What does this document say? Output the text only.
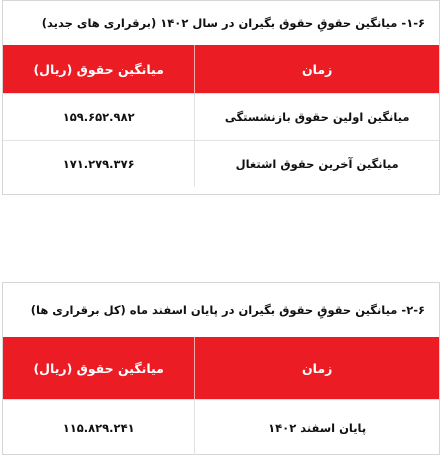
۱-۶- میانگین حقوقِ حقوق بگیران در سال ۱۴۰۲ (برقراری های جدید)
زمان	میانگین حقوق (ریال)
میانگین اولین حقوق بازنشستگی	۱۵۹.۶۵۲.۹۸۲
میانگین آخرین حقوق اشتغال	۱۷۱.۲۷۹.۳۷۶
۲-۶- میانگین حقوقِ حقوق بگیران در پایان اسفند ماه (کل برقراری ها)
زمان	میانگین حقوق (ریال)
پایان اسفند ۱۴۰۲	۱۱۵.۸۲۹.۲۴۱
